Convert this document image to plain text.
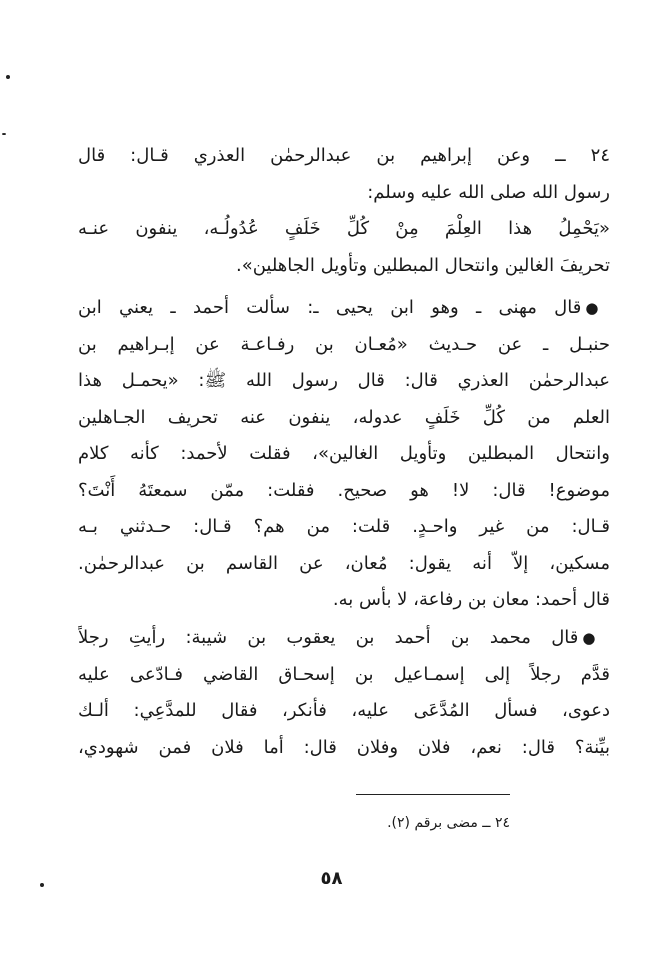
٢٤ ــ وعن إبراهيم بن عبدالرحمٰن العذري قـال: قال
رسول الله صلى الله عليه وسلم:
«يَحْمِلُ هذا العِلْمَ مِنْ كُلِّ خَلَفٍ عُدُولُـه، ينفون عنـه
تحريفَ الغالين وانتحال المبطلين وتأويل الجاهلين».
●قال مهنى ـ وهو ابن يحيى ـ: سألت أحمد ـ يعني ابن
حنبـل ـ عن حـديث «مُعـان بن رفـاعـة عن إبـراهيم بن
عبدالرحمٰن العذري قال: قال رسول الله ﷺ: «يحمـل هذا
العلم من كُلِّ خَلَفٍ عدوله، ينفون عنه تحريف الجـاهلين
وانتحال المبطلين وتأويل الغالين»، فقلت لأحمد: كأنه كلام
موضوع! قال: لا! هو صحيح. فقلت: ممّن سمعتَهُ أَنْتَ؟
قـال: من غير واحـدٍ. قلت: من هم؟ قـال: حـدثني بـه
مسكين، إلاّ أنه يقول: مُعان، عن القاسم بن عبدالرحمٰن.
قال أحمد: معان بن رفاعة، لا بأس به.
●قال محمد بن أحمد بن يعقوب بن شيبة: رأيتِ رجلاً
قدَّم رجلاً إلى إسمـاعيل بن إسحـاق القاضي فـادّعى عليه
دعوى، فسأل المُدَّعَى عليه، فأنكر، فقال للمدَّعِي: ألـك
بيِّنة؟ قال: نعم، فلان وفلان قال: أما فلان فمن شهودي،
٢٤ ــ مضى برقم (٢).
٥٨
